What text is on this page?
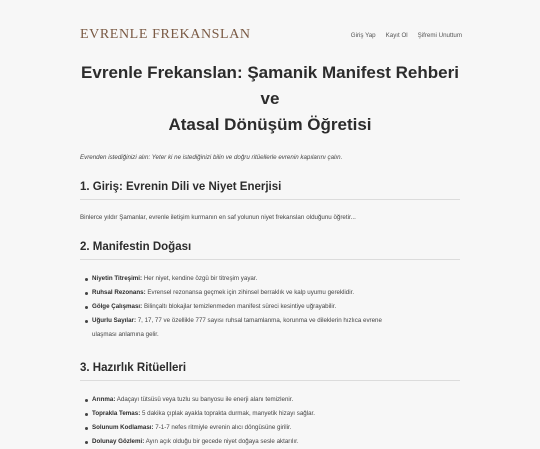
EVRENLE FREKANSLAN	Giriş Yap Kayıt Ol Şifremi Unuttum
Evrenle Frekanslan: Şamanik Manifest Rehberi ve
Atasal Dönüşüm Öğretisi
Evrenden istediğinizi alın: Yeter ki ne istediğinizi bilin ve doğru ritüellerle evrenin kapılarını çalın.
1. Giriş: Evrenin Dili ve Niyet Enerjisi
Binlerce yıldır Şamanlar, evrenle iletişim kurmanın en saf yolunun niyet frekansları olduğunu öğretir...
2. Manifestin Doğası
Niyetin Titreşimi: Her niyet, kendine özgü bir titreşim yayar.
Ruhsal Rezonans: Evrensel rezonansa geçmek için zihinsel berraklık ve kalp uyumu gereklidir.
Gölge Çalışması: Bilinçaltı blokajlar temizlenmeden manifest süreci kesintiye uğrayabilir.
Uğurlu Sayılar: 7, 17, 77 ve özellikle 777 sayısı ruhsal tamamlanma, korunma ve dileklerin hızlıca evrene
ulaşması anlamına gelir.
3. Hazırlık Ritüelleri
Arınma: Adaçayı tütsüsü veya tuzlu su banyosu ile enerji alanı temizlenir.
Toprakla Temas: 5 dakika çıplak ayakla toprakta durmak, manyetik hizayı sağlar.
Solunum Kodlaması: 7-1-7 nefes ritmiyle evrenin alıcı döngüsüne girilir.
Dolunay Gözlemi: Ayın açık olduğu bir gecede niyet doğaya sesle aktarılır.
